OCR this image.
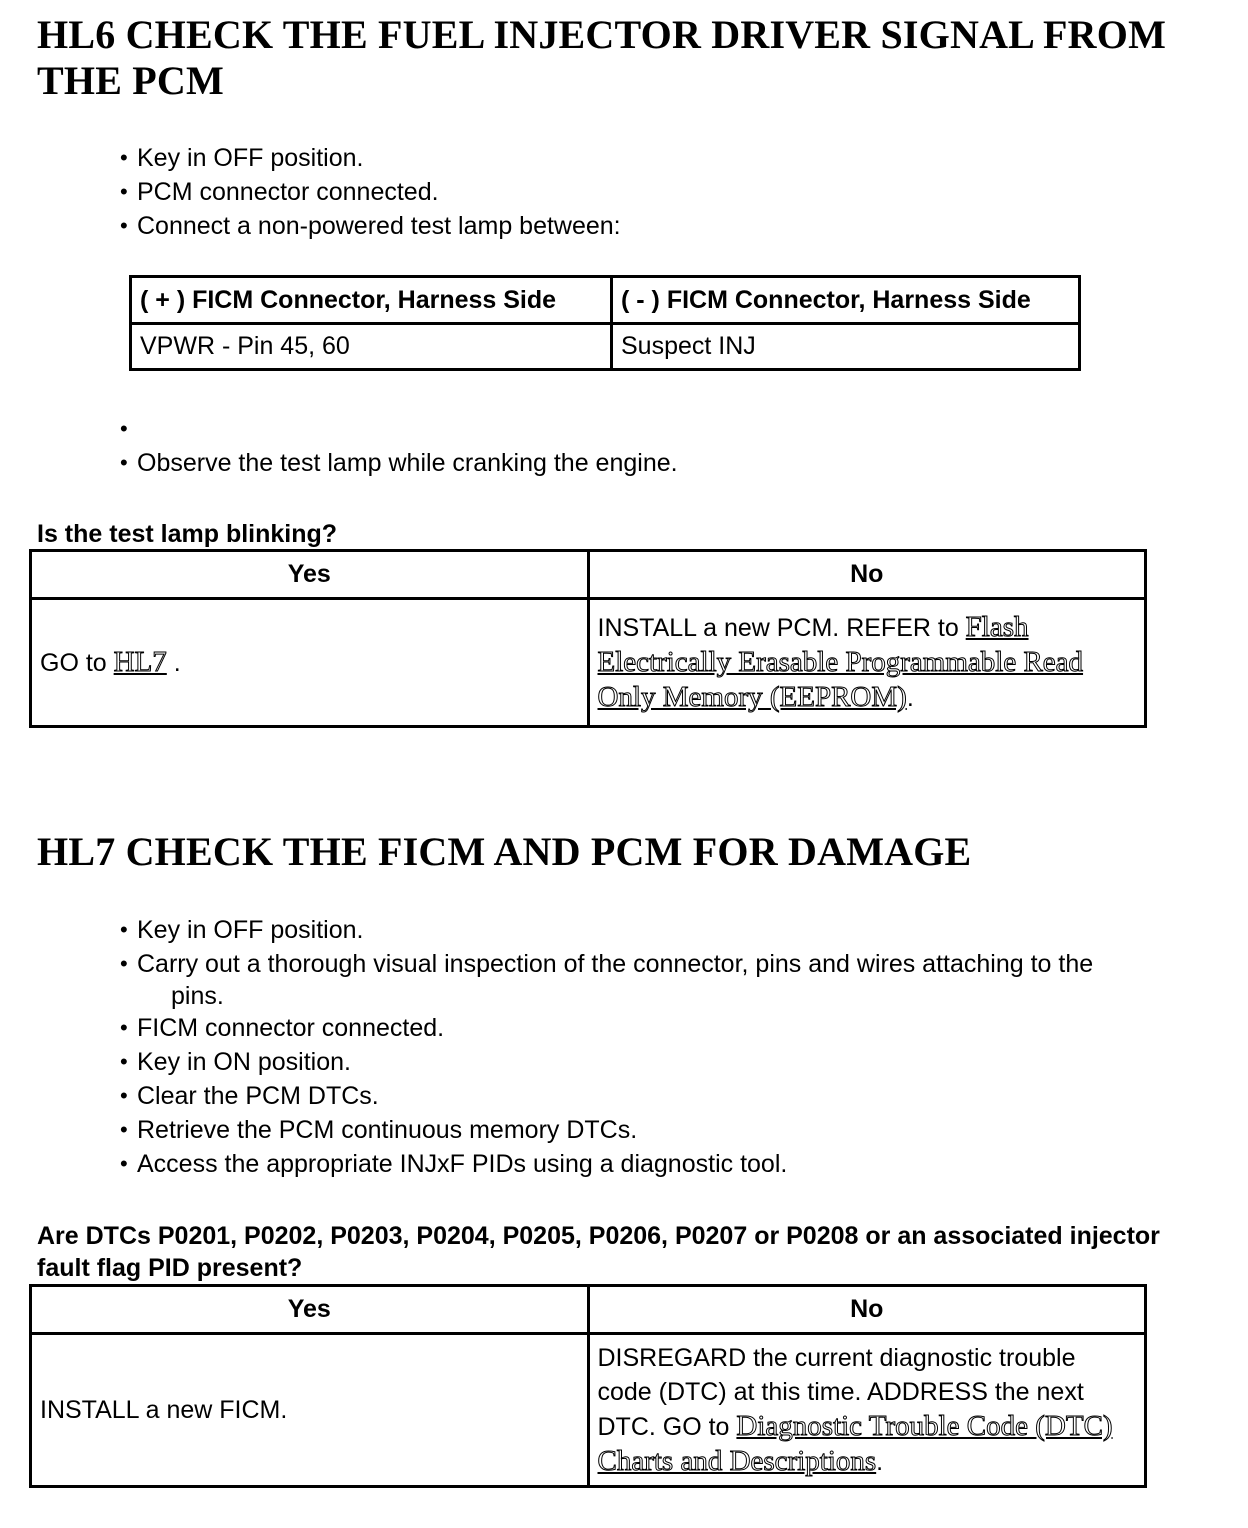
HL6 CHECK THE FUEL INJECTOR DRIVER SIGNAL FROM THE PCM
• Key in OFF position.
• PCM connector connected.
• Connect a non-powered test lamp between:
( + ) FICM Connector, Harness Side	( - ) FICM Connector, Harness Side
VPWR - Pin 45, 60	Suspect INJ
•
• Observe the test lamp while cranking the engine.

Is the test lamp blinking?

Yes	No
GO to HL7 .	INSTALL a new PCM. REFER to Flash Electrically Erasable Programmable Read Only Memory (EEPROM).
HL7 CHECK THE FICM AND PCM FOR DAMAGE
• Key in OFF position.
• Carry out a thorough visual inspection of the connector, pins and wires attaching to the
pins.
• FICM connector connected.
• Key in ON position.
• Clear the PCM DTCs.
• Retrieve the PCM continuous memory DTCs.
• Access the appropriate INJxF PIDs using a diagnostic tool.

Are DTCs P0201, P0202, P0203, P0204, P0205, P0206, P0207 or P0208 or an associated injector fault flag PID present?

Yes	No
INSTALL a new FICM.	DISREGARD the current diagnostic trouble code (DTC) at this time. ADDRESS the next DTC. GO to Diagnostic Trouble Code (DTC) Charts and Descriptions.
